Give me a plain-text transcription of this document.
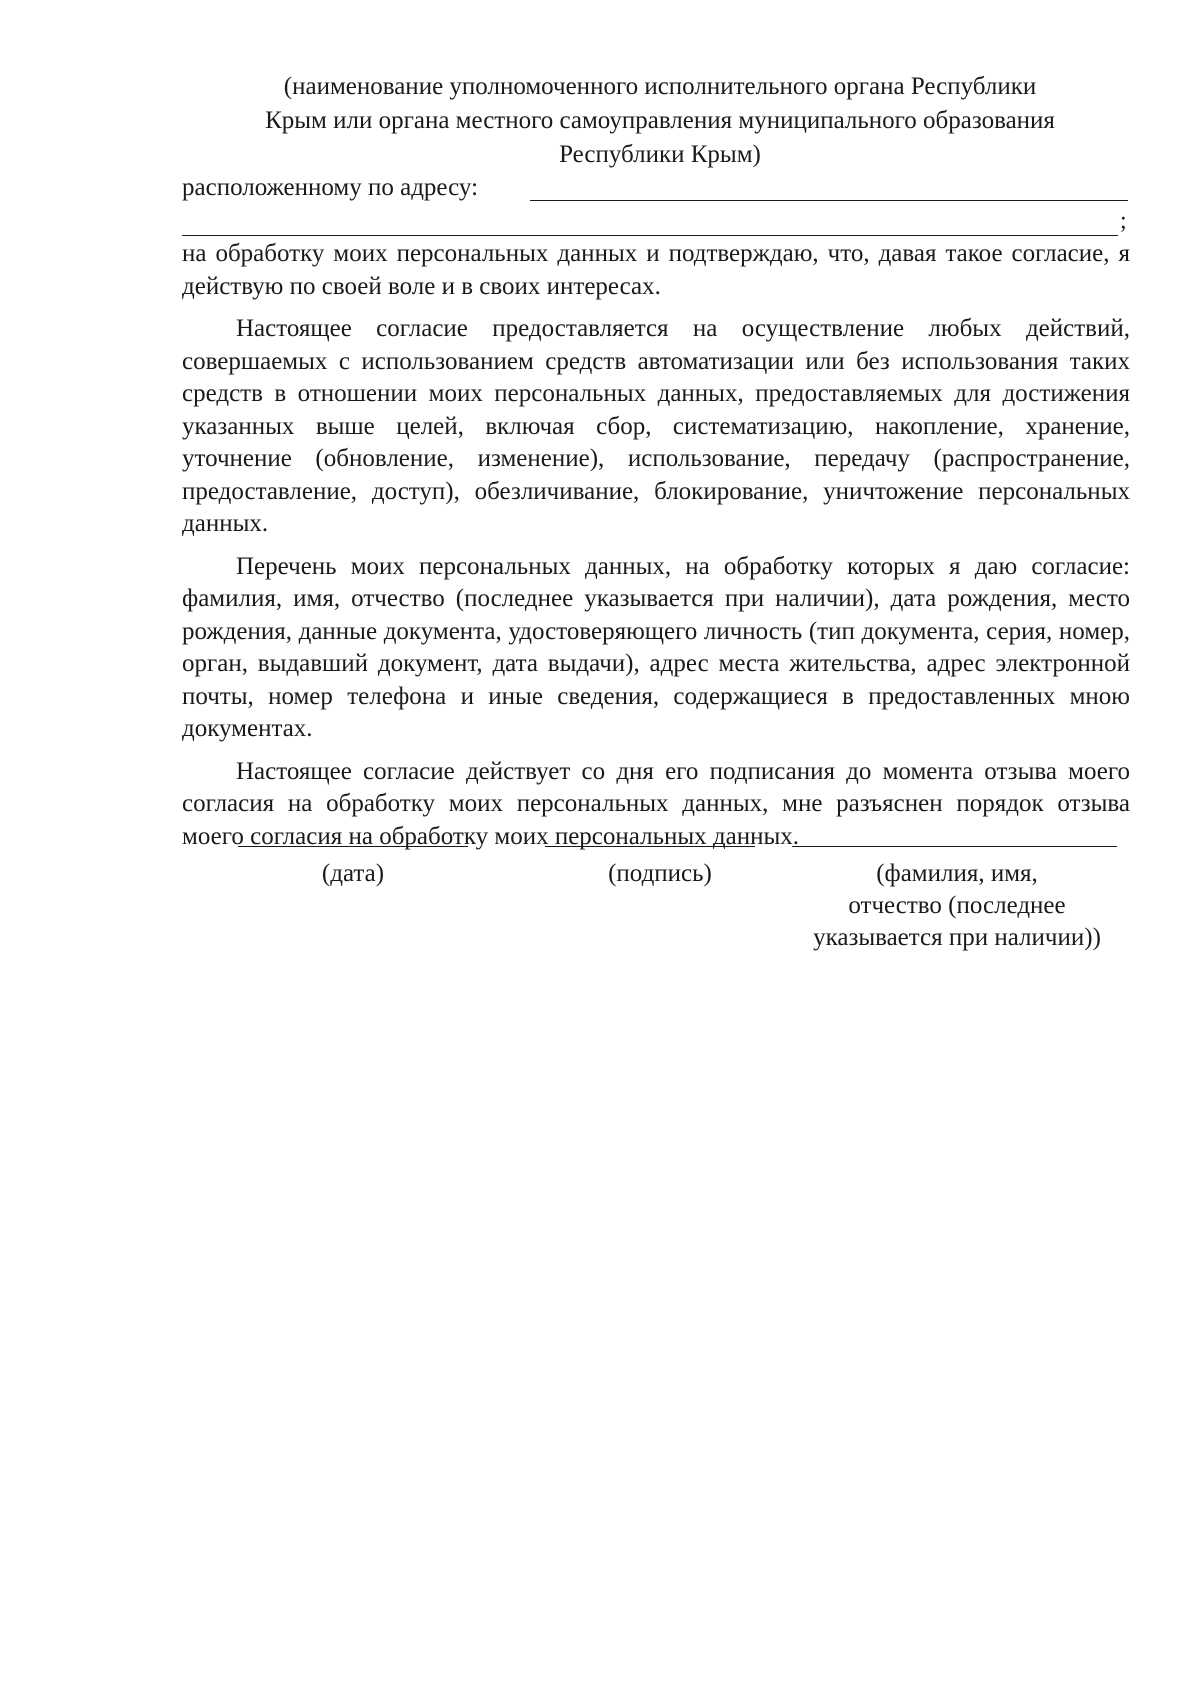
(наименование уполномоченного исполнительного органа Республики
Крым или органа местного самоуправления муниципального образования
Республики Крым)
расположенному по адресу:
;

на обработку моих персональных данных и подтверждаю, что, давая такое согласие, я действую по своей воле и в своих интересах.

Настоящее согласие предоставляется на осуществление любых действий, совершаемых с использованием средств автоматизации или без использования таких средств в отношении моих персональных данных, предоставляемых для достижения указанных выше целей, включая сбор, систематизацию, накопление, хранение, уточнение (обновление, изменение), использование, передачу (распространение, предоставление, доступ), обезличивание, блокирование, уничтожение персональных данных.

Перечень моих персональных данных, на обработку которых я даю согласие: фамилия, имя, отчество (последнее указывается при наличии), дата рождения, место рождения, данные документа, удостоверяющего личность (тип документа, серия, номер, орган, выдавший документ, дата выдачи), адрес места жительства, адрес электронной почты, номер телефона и иные сведения, содержащиеся в предоставленных мною документах.

Настоящее согласие действует со дня его подписания до момента отзыва моего согласия на обработку моих персональных данных, мне разъяснен порядок отзыва моего согласия на обработку моих персональных данных.

(дата)	(подпись)	(фамилия, имя,
отчество (последнее
указывается при наличии))
